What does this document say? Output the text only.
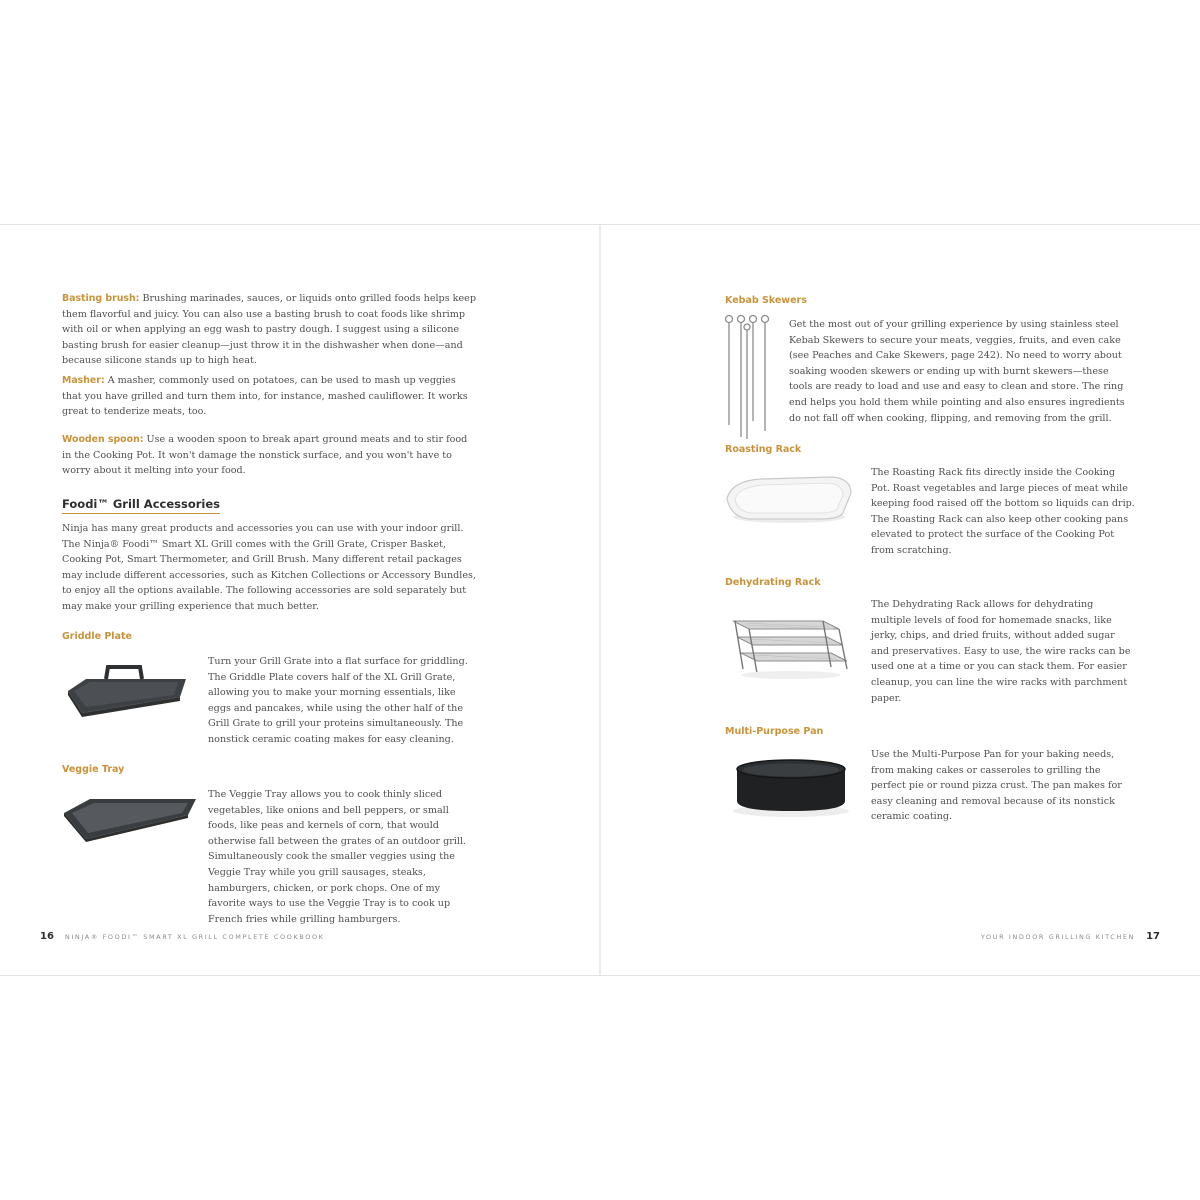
Basting brush: Brushing marinades, sauces, or liquids onto grilled foods helps keep them flavorful and juicy. You can also use a basting brush to coat foods like shrimp with oil or when applying an egg wash to pastry dough. I suggest using a silicone basting brush for easier cleanup—just throw it in the dishwasher when done—and because silicone stands up to high heat.

Masher: A masher, commonly used on potatoes, can be used to mash up veggies that you have grilled and turn them into, for instance, mashed cauliflower. It works great to tenderize meats, too.

Wooden spoon: Use a wooden spoon to break apart ground meats and to stir food in the Cooking Pot. It won't damage the nonstick surface, and you won't have to worry about it melting into your food.

Foodi™ Grill Accessories

Ninja has many great products and accessories you can use with your indoor grill. The Ninja® Foodi™ Smart XL Grill comes with the Grill Grate, Crisper Basket, Cooking Pot, Smart Thermometer, and Grill Brush. Many different retail packages may include different accessories, such as Kitchen Collections or Accessory Bundles, to enjoy all the options available. The following accessories are sold separately but may make your grilling experience that much better.

Griddle Plate

Turn your Grill Grate into a flat surface for griddling. The Griddle Plate covers half of the XL Grill Grate, allowing you to make your morning essentials, like eggs and pancakes, while using the other half of the Grill Grate to grill your proteins simultaneously. The nonstick ceramic coating makes for easy cleaning.

Veggie Tray

The Veggie Tray allows you to cook thinly sliced vegetables, like onions and bell peppers, or small foods, like peas and kernels of corn, that would otherwise fall between the grates of an outdoor grill. Simultaneously cook the smaller veggies using the Veggie Tray while you grill sausages, steaks, hamburgers, chicken, or pork chops. One of my favorite ways to use the Veggie Tray is to cook up French fries while grilling hamburgers.

16 NINJA® FOODI™ SMART XL GRILL COMPLETE COOKBOOK
Kebab Skewers

Get the most out of your grilling experience by using stainless steel Kebab Skewers to secure your meats, veggies, fruits, and even cake (see Peaches and Cake Skewers, page 242). No need to worry about soaking wooden skewers or ending up with burnt skewers—these tools are ready to load and use and easy to clean and store. The ring end helps you hold them while pointing and also ensures ingredients do not fall off when cooking, flipping, and removing from the grill.

Roasting Rack

The Roasting Rack fits directly inside the Cooking Pot. Roast vegetables and large pieces of meat while keeping food raised off the bottom so liquids can drip. The Roasting Rack can also keep other cooking pans elevated to protect the surface of the Cooking Pot from scratching.

Dehydrating Rack

The Dehydrating Rack allows for dehydrating multiple levels of food for homemade snacks, like jerky, chips, and dried fruits, without added sugar and preservatives. Easy to use, the wire racks can be used one at a time or you can stack them. For easier cleanup, you can line the wire racks with parchment paper.

Multi-Purpose Pan

Use the Multi-Purpose Pan for your baking needs, from making cakes or casseroles to grilling the perfect pie or round pizza crust. The pan makes for easy cleaning and removal because of its nonstick ceramic coating.

YOUR INDOOR GRILLING KITCHEN 17
